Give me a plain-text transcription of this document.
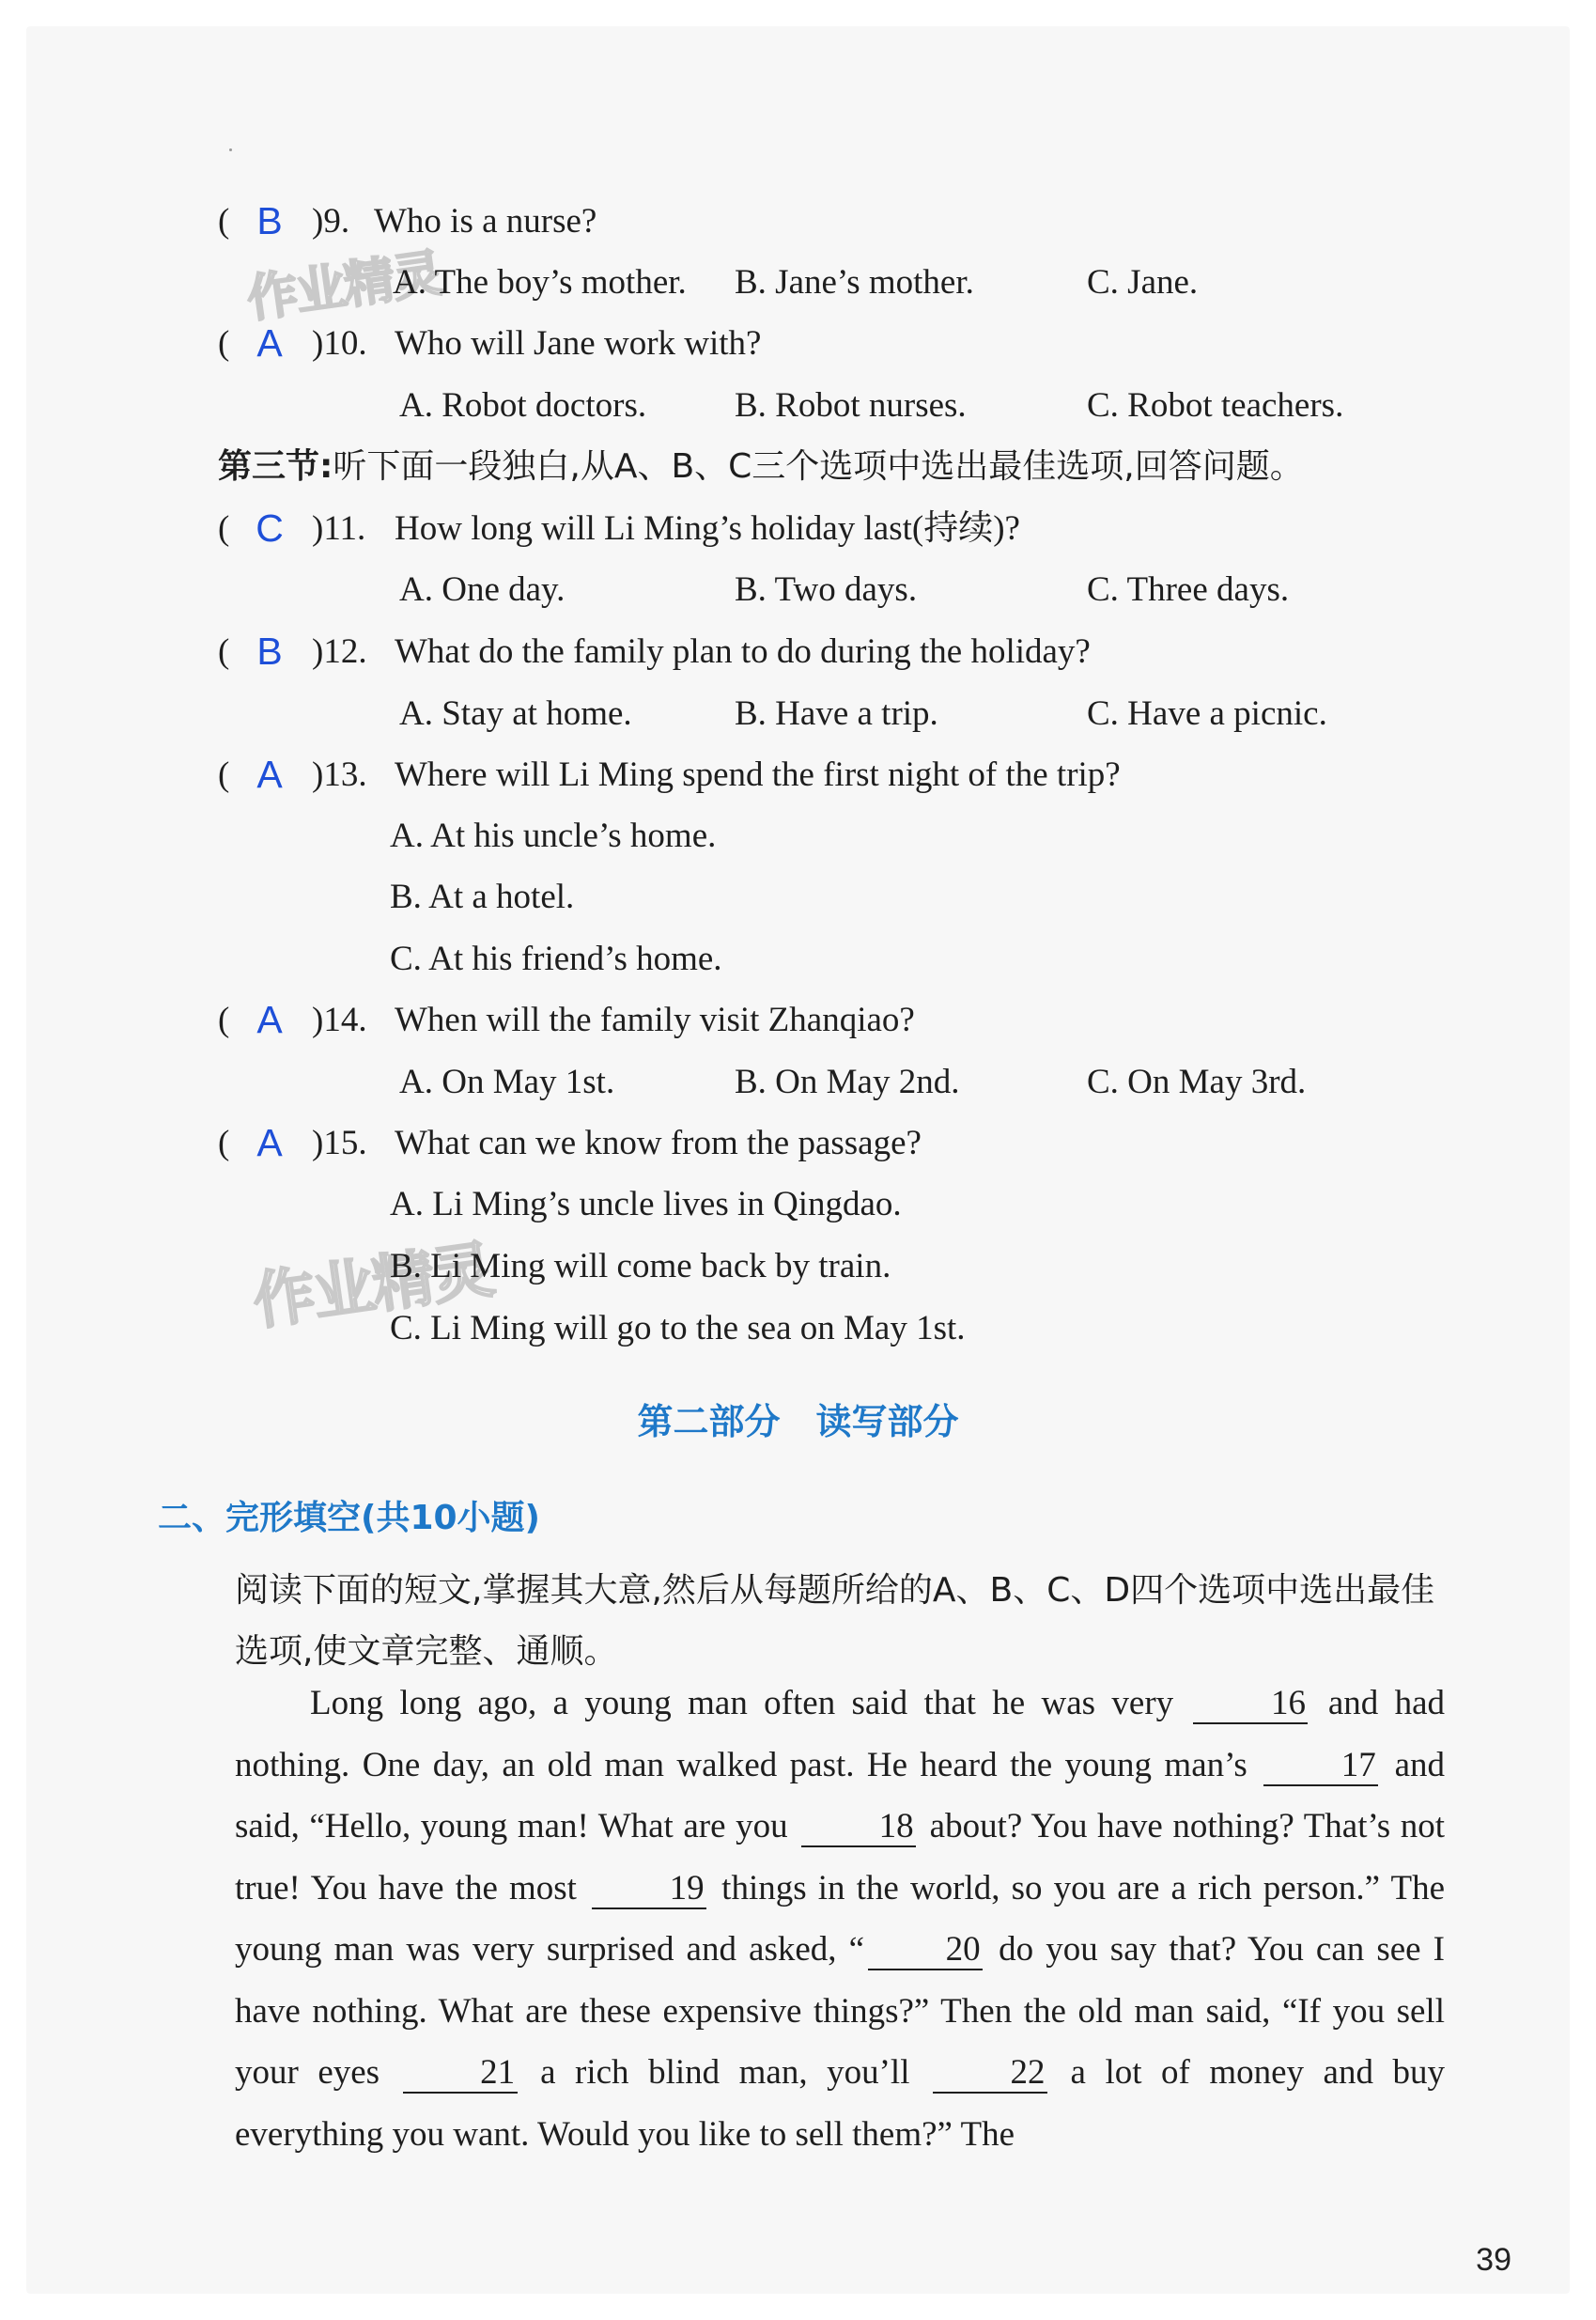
作业精灵
作业精灵
( B )9. Who is a nurse?
A. The boy’s mother. B. Jane’s mother.	C. Jane.
( A )10. Who will Jane work with?
A. Robot doctors.	B. Robot nurses.	C. Robot teachers.
第三节:听下面一段独白,从A、B、C三个选项中选出最佳选项,回答问题。
( C )11. How long will Li Ming’s holiday last(持续)?
A. One day.	B. Two days.	C. Three days.
( B )12. What do the family plan to do during the holiday?
A. Stay at home.	B. Have a trip.	C. Have a picnic.
( A )13. Where will Li Ming spend the first night of the trip?
A. At his uncle’s home.
B. At a hotel.
C. At his friend’s home.
( A )14. When will the family visit Zhanqiao?
A. On May 1st.	B. On May 2nd.	C. On May 3rd.
( A )15. What can we know from the passage?
A. Li Ming’s uncle lives in Qingdao.
B. Li Ming will come back by train.
C. Li Ming will go to the sea on May 1st.
第二部分　读写部分
二、完形填空(共10小题)
阅读下面的短文,掌握其大意,然后从每题所给的A、B、C、D四个选项中选出最佳选项,使文章完整、通顺。

Long long ago, a young man often said that he was very 16 and had nothing. One day, an old man walked past. He heard the young man’s 17 and said, “Hello, young man! What are you 18 about? You have nothing? That’s not true! You have the most 19 things in the world, so you are a rich person.” The young man was very surprised and asked, “ 20 do you say that? You can see I have nothing. What are these expensive things?” Then the old man said, “If you sell your eyes 21 a rich blind man, you’ll 22 a lot of money and buy everything you want. Would you like to sell them?” The

39
